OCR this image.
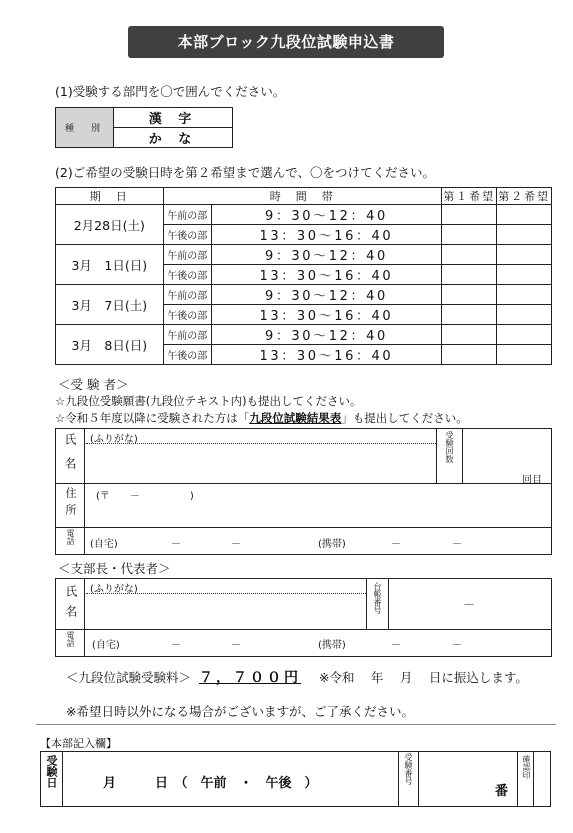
本部ブロック九段位試験申込書
(1)受験する部門を〇で囲んでください。
種　別	漢 字
か な
(2)ご希望の受験日時を第２希望まで選んで、〇をつけてください。
期　日	時　間　帯		第１希望	第２希望
2月28日(土)	午前の部	9：30～12：40		
	午後の部	13：30～16：40		
3月　1日(日)	午前の部	9：30～12：40		
	午後の部	13：30～16：40		
3月　7日(土)	午前の部	9：30～12：40		
	午後の部	13：30～16：40		
3月　8日(日)	午前の部	9：30～12：40		
	午後の部	13：30～16：40		
＜受 験 者＞
☆九段位受験願書(九段位テキスト内)も提出してください。
☆令和５年度以降に受験された方は「九段位試験結果表」も提出してください。
氏名 (ふりがな)	受験回数
回目
住所 (〒　　－　　　　　)
電話 (自宅)	－	－	(携帯)	－	－
＜支部長・代表者＞
氏名 (ふりがな)	台帳番号	—
電話 (自宅)	－	－	(携帯)	－	－
＜九段位試験受験料＞ ７，７００円 ※令和　 年　 月　 日に振込します。
※希望日時以外になる場合がございますが、ご了承ください。
【本部記入欄】
受験日	月　　　日　（　午前　・　午後　）	受験番号
番
確認印
